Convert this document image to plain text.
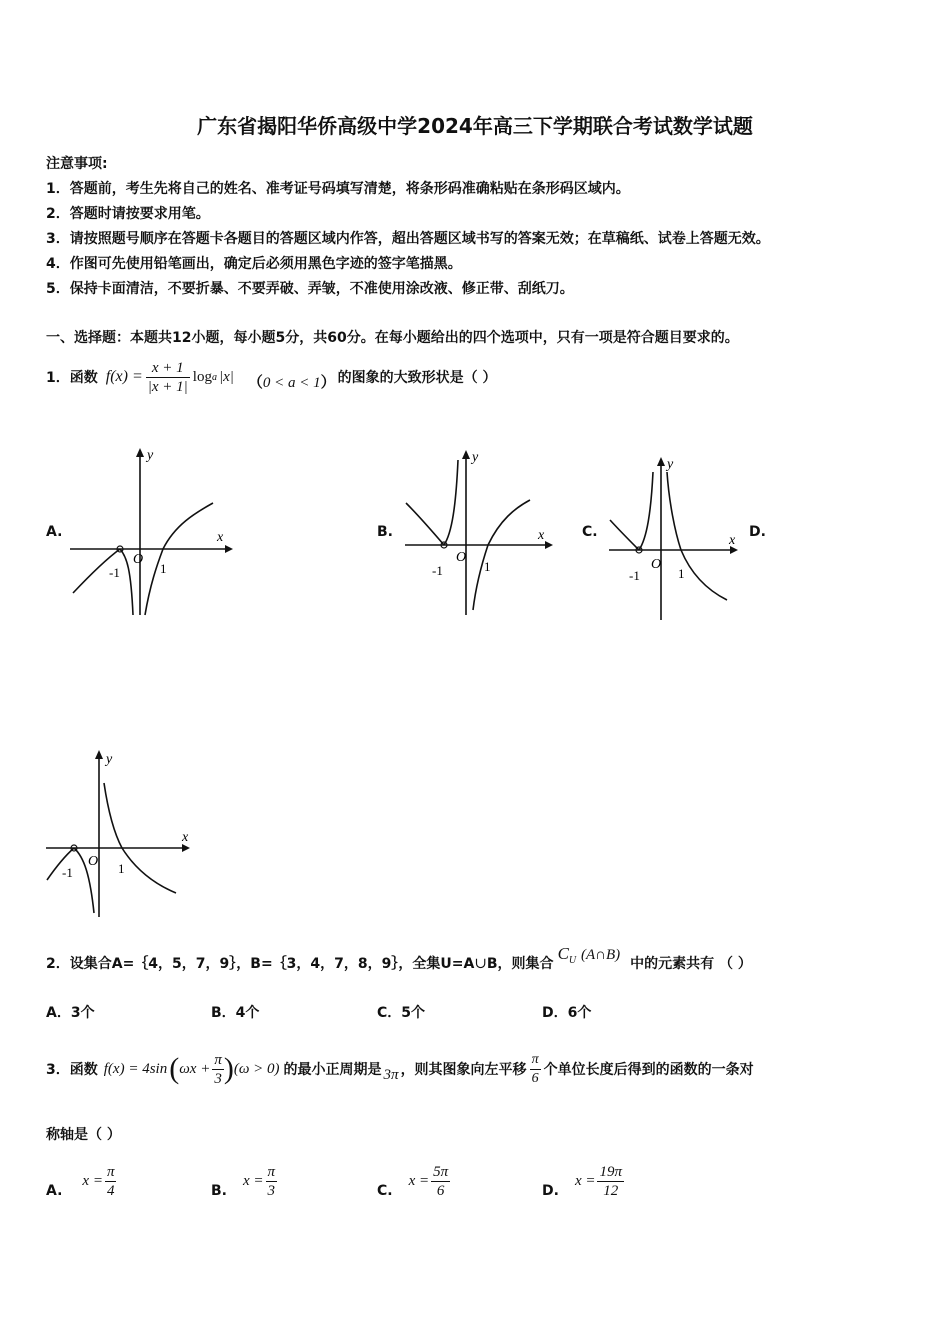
广东省揭阳华侨高级中学2024年高三下学期联合考试数学试题
注意事项:
1．答题前，考生先将自己的姓名、准考证号码填写清楚，将条形码准确粘贴在条形码区域内。
2．答题时请按要求用笔。
3．请按照题号顺序在答题卡各题目的答题区域内作答，超出答题区域书写的答案无效；在草稿纸、试卷上答题无效。
4．作图可先使用铅笔画出，确定后必须用黑色字迹的签字笔描黑。
5．保持卡面清洁，不要折暴、不要弄破、弄皱，不准使用涂改液、修正带、刮纸刀。
一、选择题：本题共12小题，每小题5分，共60分。在每小题给出的四个选项中，只有一项是符合题目要求的。
1．函数 $f(x) = \frac{x + 1}{|x + 1|}$ log a |x| （0 < a < 1） 的图象的大致形状是（ ）
A.	B.	C.	D.
y
x
-1
O
1
y
x
-1
O
1
y
x
-1
O
1
y
x
-1
O 1
2．设集合A=｛4，5，7，9｝，B=｛3，4，7，8，9｝，全集U=A ∪ B，则集合
$C_U$ (A∩B)
中的元素共有 （ ）
A．3个	B．4个	C．5个	D．6个
3．函数 f(x) = 4sin ( $\omega x + \frac{\pi}{3}$ ) (ω > 0) 的最小正周期是 3π ，则其图象向左平移 $\frac{\pi}{6}$ 个单位长度后得到的函数的一条对
称轴是（ ）
A.
$x = \frac{\pi}{4}$	B.
$x = \frac{\pi}{3}$	C.
$x = \frac{5\pi}{6}$	D.
$x = \frac{19\pi}{12}$
